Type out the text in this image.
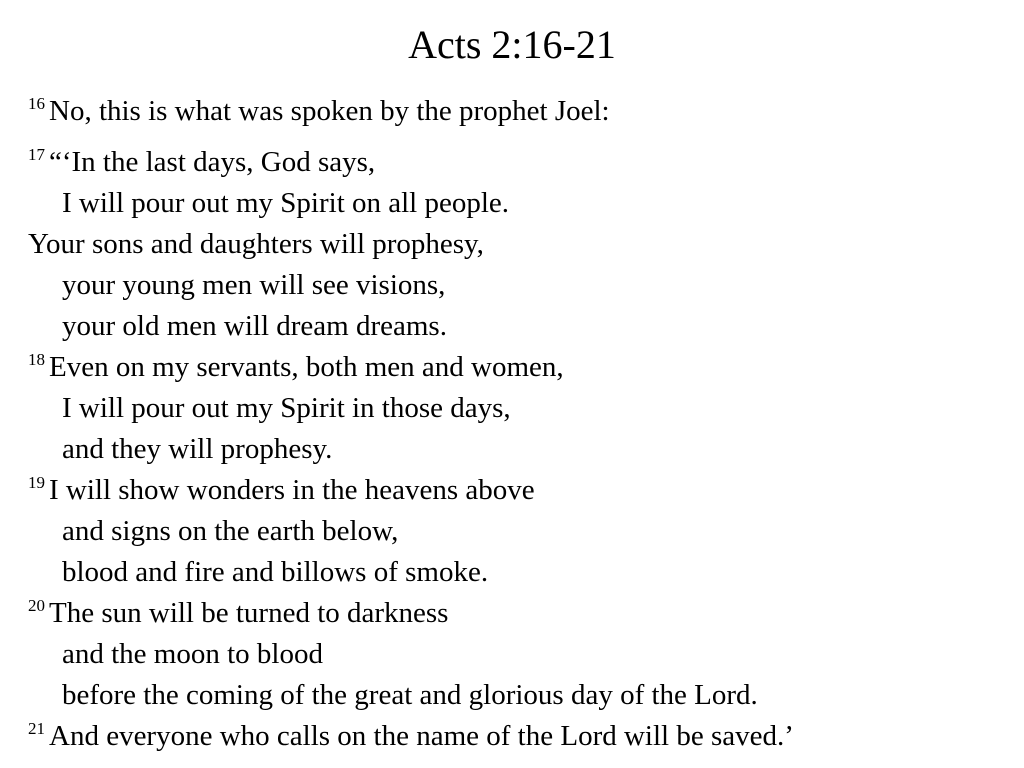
Acts 2:16-21
$^{16}$ No, this is what was spoken by the prophet Joel:
$^{17}$ “‘In the last days, God says,
I will pour out my Spirit on all people.
Your sons and daughters will prophesy,
your young men will see visions,
your old men will dream dreams.
$^{18}$ Even on my servants, both men and women,
I will pour out my Spirit in those days,
and they will prophesy.
$^{19}$ I will show wonders in the heavens above
and signs on the earth below,
blood and fire and billows of smoke.
$^{20}$ The sun will be turned to darkness
and the moon to blood
before the coming of the great and glorious day of the Lord.
$^{21}$ And everyone who calls on the name of the Lord will be saved.’
